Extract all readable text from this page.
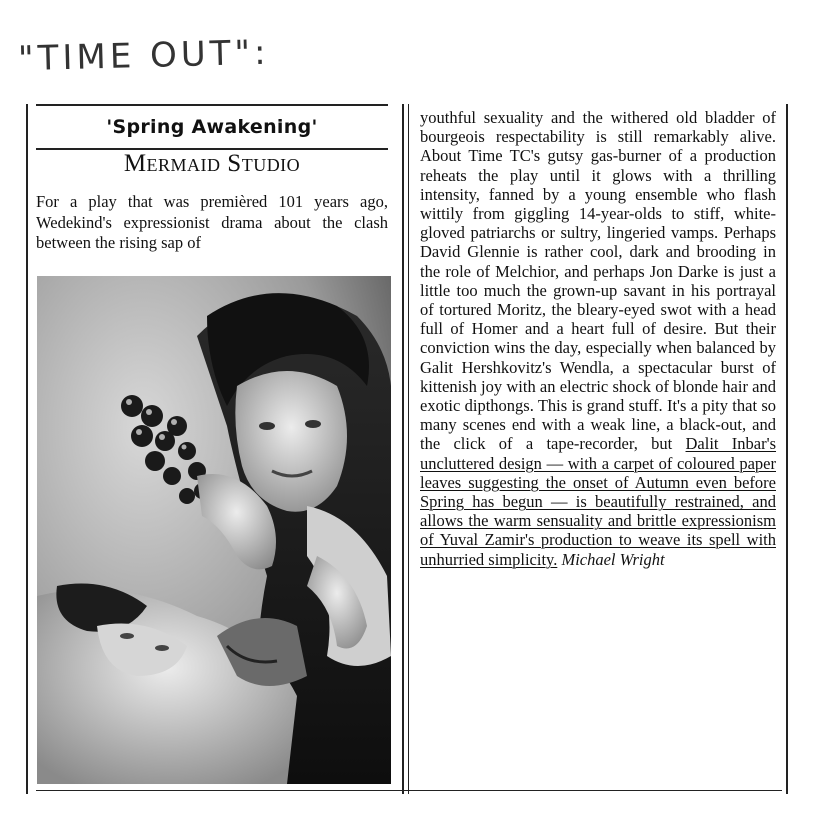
"TIME OUT":
'Spring Awakening'
Mermaid Studio
For a play that was premièred 101 years ago, Wedekind's expressionist drama about the clash between the rising sap of

youthful sexuality and the withered old bladder of bourgeois respectability is still remarkably alive. About Time TC's gutsy gas-burner of a production reheats the play until it glows with a thrilling intensity, fanned by a young ensemble who flash wittily from giggling 14-year-olds to stiff, white-gloved patriarchs or sultry, lingeried vamps. Perhaps David Glennie is rather cool, dark and brooding in the role of Melchior, and perhaps Jon Darke is just a little too much the grown-up savant in his portrayal of tortured Moritz, the bleary-eyed swot with a head full of Homer and a heart full of desire. But their conviction wins the day, especially when balanced by Galit Hershkovitz's Wendla, a spectacular burst of kittenish joy with an electric shock of blonde hair and exotic dipthongs. This is grand stuff. It's a pity that so many scenes end with a weak line, a black-out, and the click of a tape-recorder, but Dalit Inbar's uncluttered design — with a carpet of coloured paper leaves suggesting the onset of Autumn even before Spring has begun — is beautifully restrained, and allows the warm sensuality and brittle expressionism of Yuval Zamir's production to weave its spell with unhurried simplicity. Michael Wright
